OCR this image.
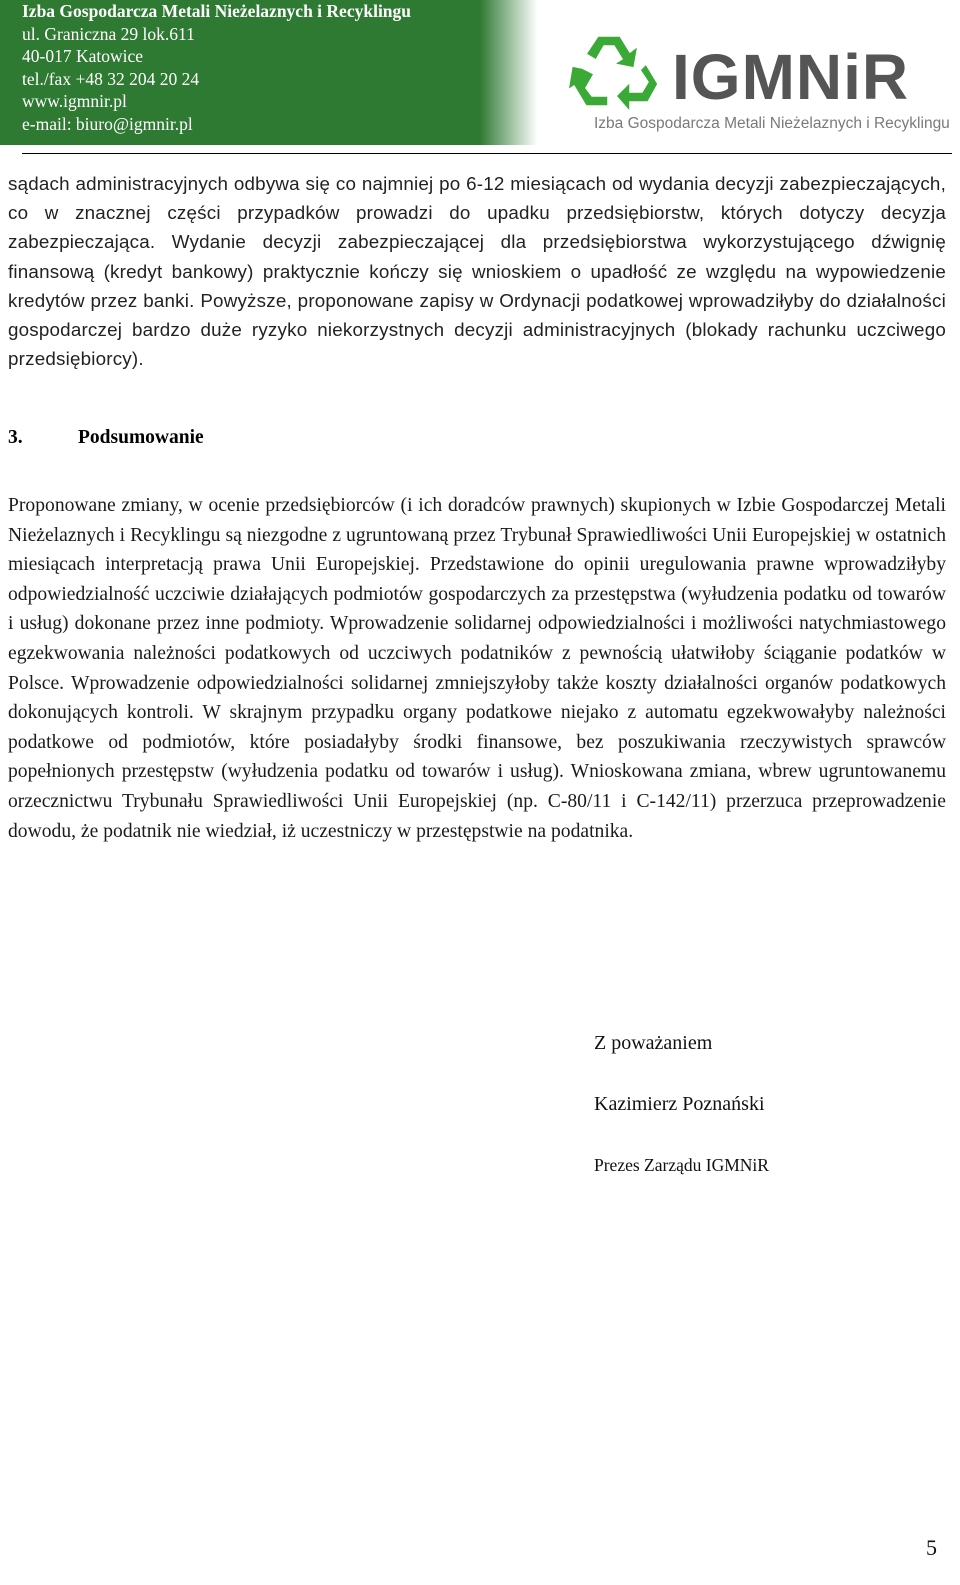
Izba Gospodarcza Metali Nieżelaznych i Recyklingu
ul. Graniczna 29 lok.611
40-017 Katowice
tel./fax +48 32 204 20 24
www.igmnir.pl
e-mail: biuro@igmnir.pl
IGMNiR
Izba Gospodarcza Metali Nieżelaznych i Recyklingu
sądach administracyjnych odbywa się co najmniej po 6-12 miesiącach od wydania decyzji zabezpieczających, co w znacznej części przypadków prowadzi do upadku przedsiębiorstw, których dotyczy decyzja zabezpieczająca. Wydanie decyzji zabezpieczającej dla przedsiębiorstwa wykorzystującego dźwignię finansową (kredyt bankowy) praktycznie kończy się wnioskiem o upadłość ze względu na wypowiedzenie kredytów przez banki. Powyższe, proponowane zapisy w Ordynacji podatkowej wprowadziłyby do działalności gospodarczej bardzo duże ryzyko niekorzystnych decyzji administracyjnych (blokady rachunku uczciwego przedsiębiorcy).
3.	Podsumowanie
Proponowane zmiany, w ocenie przedsiębiorców (i ich doradców prawnych) skupionych w Izbie Gospodarczej Metali Nieżelaznych i Recyklingu są niezgodne z ugruntowaną przez Trybunał Sprawiedliwości Unii Europejskiej w ostatnich miesiącach interpretacją prawa Unii Europejskiej. Przedstawione do opinii uregulowania prawne wprowadziłyby odpowiedzialność uczciwie działających podmiotów gospodarczych za przestępstwa (wyłudzenia podatku od towarów i usług) dokonane przez inne podmioty. Wprowadzenie solidarnej odpowiedzialności i możliwości natychmiastowego egzekwowania należności podatkowych od uczciwych podatników z pewnością ułatwiłoby ściąganie podatków w Polsce. Wprowadzenie odpowiedzialności solidarnej zmniejszyłoby także koszty działalności organów podatkowych dokonujących kontroli. W skrajnym przypadku organy podatkowe niejako z automatu egzekwowałyby należności podatkowe od podmiotów, które posiadałyby środki finansowe, bez poszukiwania rzeczywistych sprawców popełnionych przestępstw (wyłudzenia podatku od towarów i usług). Wnioskowana zmiana, wbrew ugruntowanemu orzecznictwu Trybunału Sprawiedliwości Unii Europejskiej (np. C-80/11 i C-142/11) przerzuca przeprowadzenie dowodu, że podatnik nie wiedział, iż uczestniczy w przestępstwie na podatnika.
Z poważaniem
Kazimierz Poznański
Prezes Zarządu IGMNiR
5
